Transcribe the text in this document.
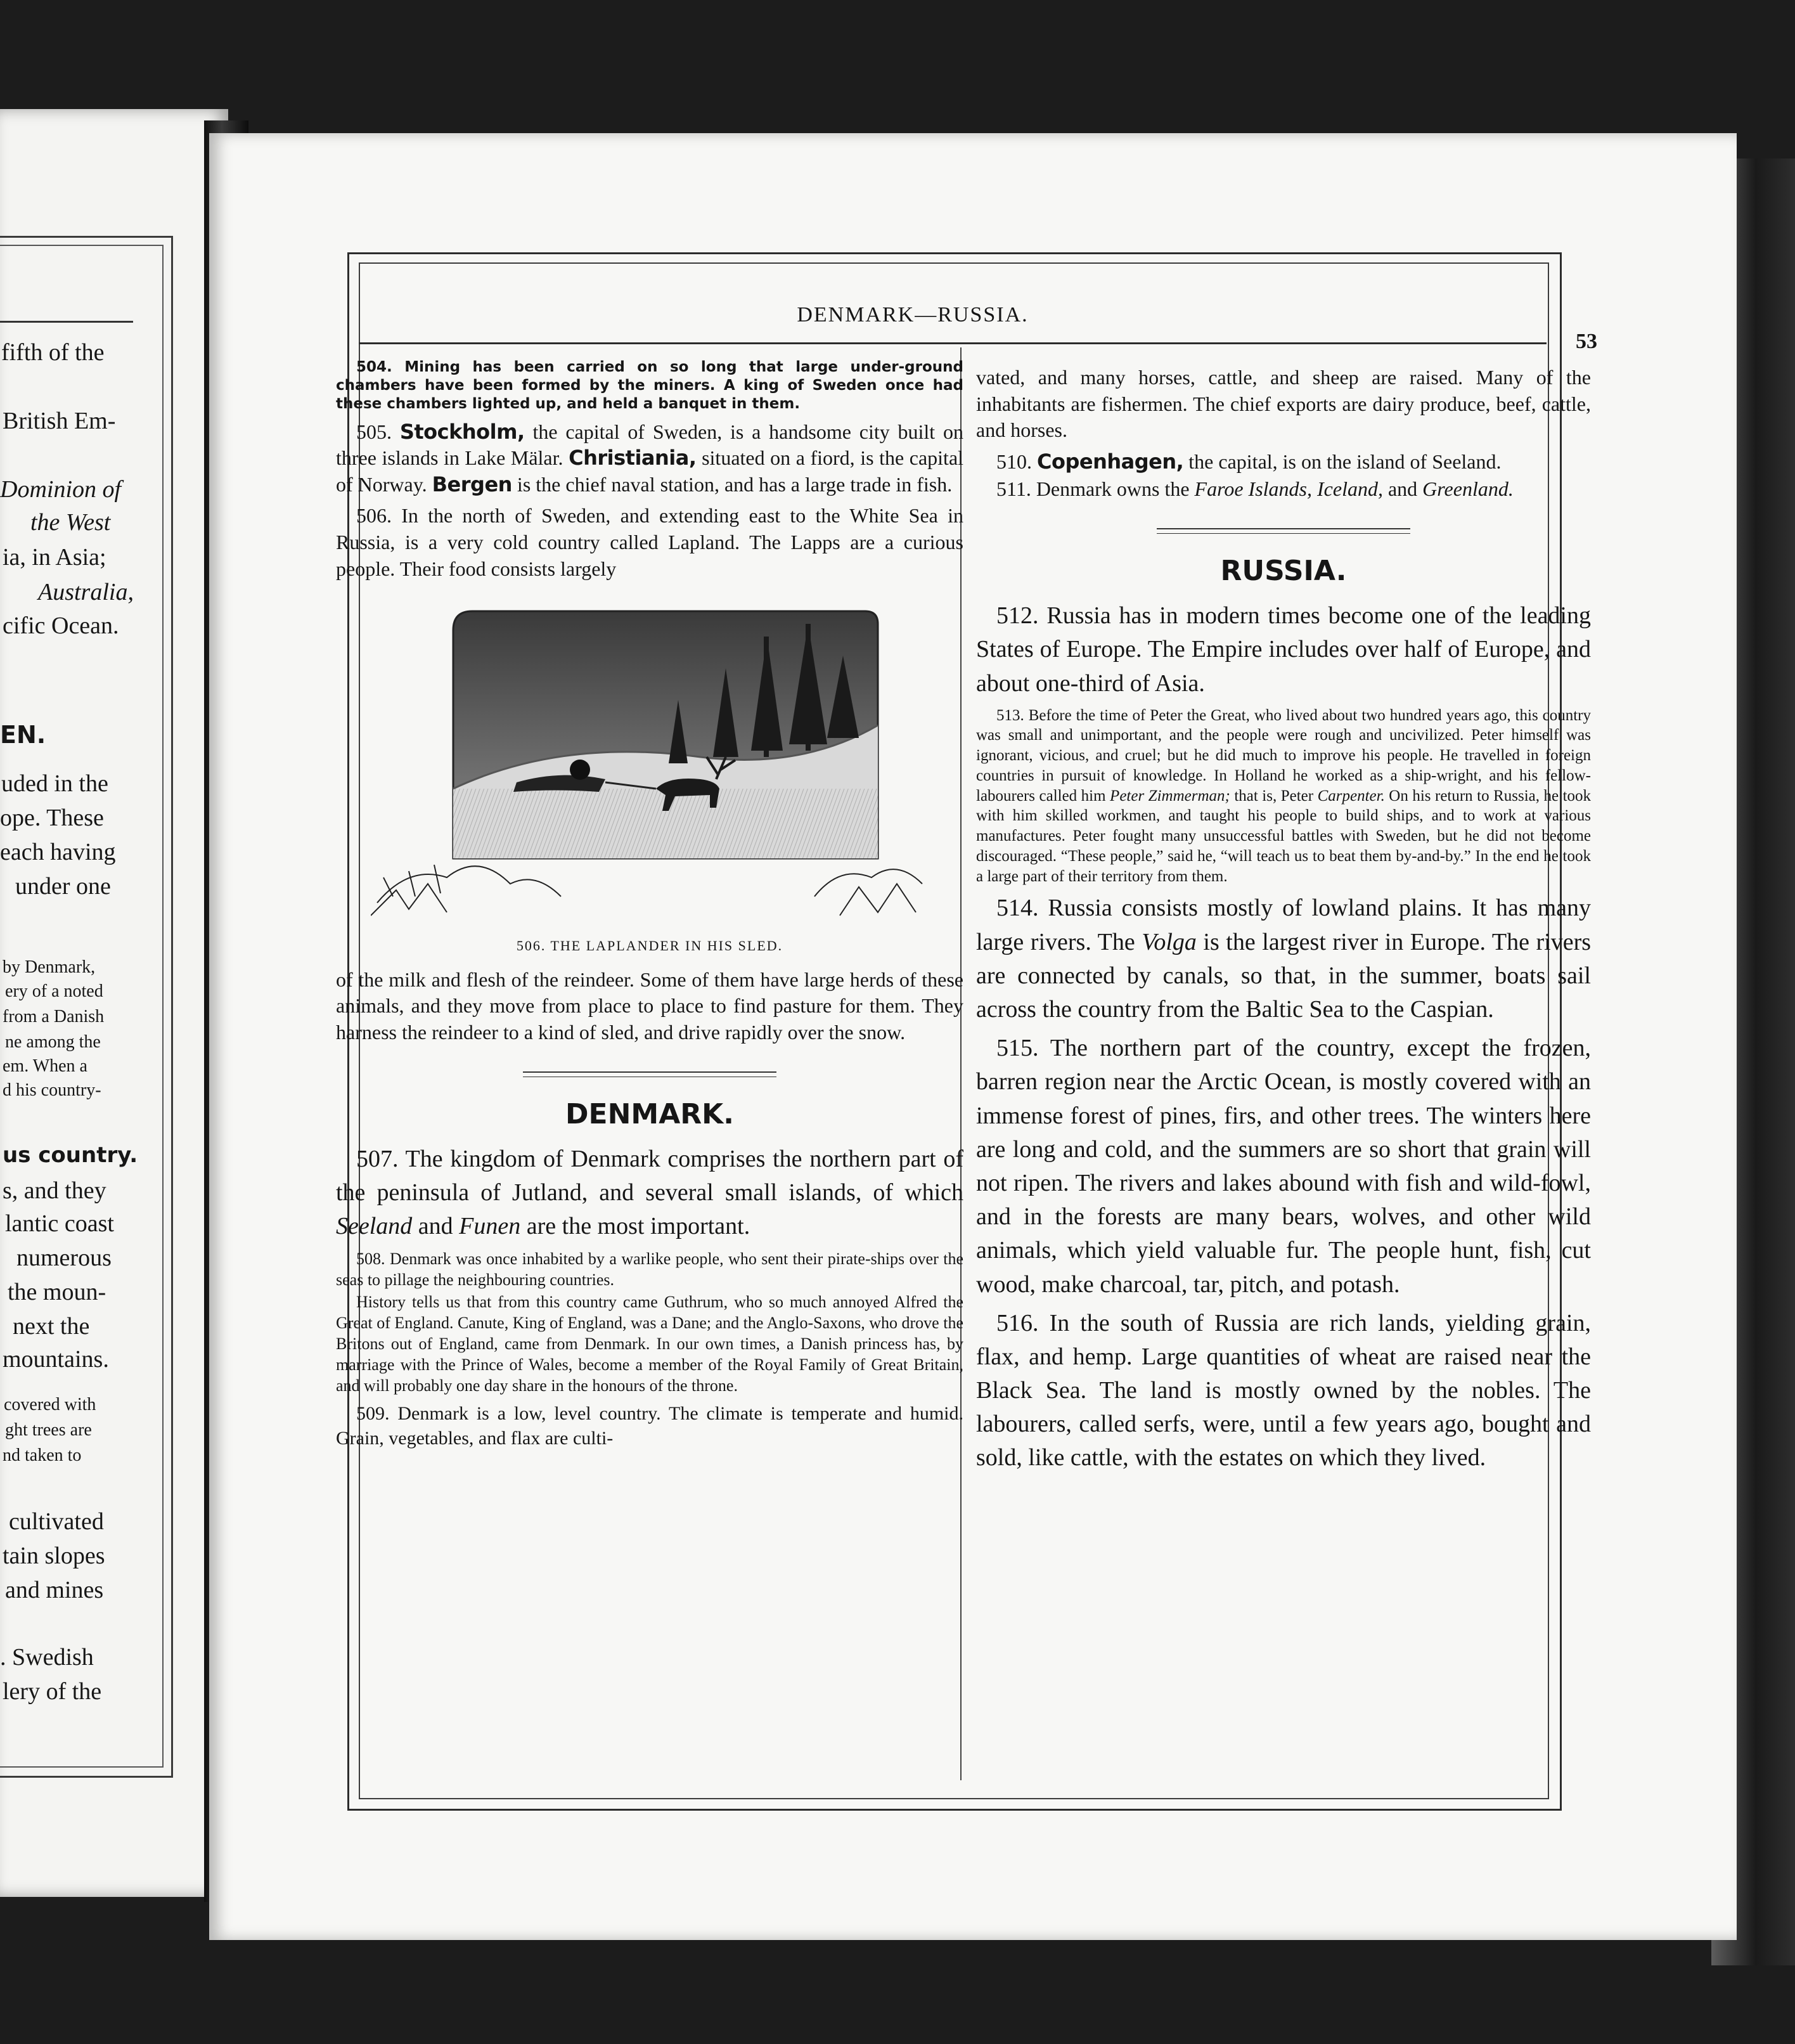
fifth of the
British Em-
Dominion of
the West
ia, in Asia;
Australia,
cific Ocean.
EN.
uded in the
ope. These
each having
under one
by Denmark,
ery of a noted
from a Danish
ne among the
em. When a
d his country-
us country.
s, and they
lantic coast
numerous
the moun-
next the
mountains.
covered with
ght trees are
nd taken to
cultivated
tain slopes
and mines
. Swedish
lery of the
DENMARK—RUSSIA.
53

504. Mining has been carried on so long that large under-ground chambers have been formed by the miners. A king of Sweden once had these chambers lighted up, and held a banquet in them.

505. Stockholm, the capital of Sweden, is a handsome city built on three islands in Lake Mälar. Christiania, situated on a fiord, is the capital of Norway. Bergen is the chief naval station, and has a large trade in fish.

506. In the north of Sweden, and extending east to the White Sea in Russia, is a very cold country called Lapland. The Lapps are a curious people. Their food consists largely

506. THE LAPLANDER IN HIS SLED.

of the milk and flesh of the reindeer. Some of them have large herds of these animals, and they move from place to place to find pasture for them. They harness the reindeer to a kind of sled, and drive rapidly over the snow.

DENMARK.

507. The kingdom of Denmark comprises the northern part of the peninsula of Jutland, and several small islands, of which Seeland and Funen are the most important.

508. Denmark was once inhabited by a warlike people, who sent their pirate-ships over the seas to pillage the neighbouring countries.

History tells us that from this country came Guthrum, who so much annoyed Alfred the Great of England. Canute, King of England, was a Dane; and the Anglo-Saxons, who drove the Britons out of England, came from Denmark. In our own times, a Danish princess has, by marriage with the Prince of Wales, become a member of the Royal Family of Great Britain, and will probably one day share in the honours of the throne.

509. Denmark is a low, level country. The climate is temperate and humid. Grain, vegetables, and flax are culti-

vated, and many horses, cattle, and sheep are raised. Many of the inhabitants are fishermen. The chief exports are dairy produce, beef, cattle, and horses.

510. Copenhagen, the capital, is on the island of Seeland.

511. Denmark owns the Faroe Islands, Iceland, and Greenland.

RUSSIA.

512. Russia has in modern times become one of the leading States of Europe. The Empire includes over half of Europe, and about one-third of Asia.

513. Before the time of Peter the Great, who lived about two hundred years ago, this country was small and unimportant, and the people were rough and uncivilized. Peter himself was ignorant, vicious, and cruel; but he did much to improve his people. He travelled in foreign countries in pursuit of knowledge. In Holland he worked as a ship-wright, and his fellow-labourers called him Peter Zimmerman; that is, Peter Carpenter. On his return to Russia, he took with him skilled workmen, and taught his people to build ships, and to work at various manufactures. Peter fought many unsuccessful battles with Sweden, but he did not become discouraged. “These people,” said he, “will teach us to beat them by-and-by.” In the end he took a large part of their territory from them.

514. Russia consists mostly of lowland plains. It has many large rivers. The Volga is the largest river in Europe. The rivers are connected by canals, so that, in the summer, boats sail across the country from the Baltic Sea to the Caspian.

515. The northern part of the country, except the frozen, barren region near the Arctic Ocean, is mostly covered with an immense forest of pines, firs, and other trees. The winters here are long and cold, and the summers are so short that grain will not ripen. The rivers and lakes abound with fish and wild-fowl, and in the forests are many bears, wolves, and other wild animals, which yield valuable fur. The people hunt, fish, cut wood, make charcoal, tar, pitch, and potash.

516. In the south of Russia are rich lands, yielding grain, flax, and hemp. Large quantities of wheat are raised near the Black Sea. The land is mostly owned by the nobles. The labourers, called serfs, were, until a few years ago, bought and sold, like cattle, with the estates on which they lived.
